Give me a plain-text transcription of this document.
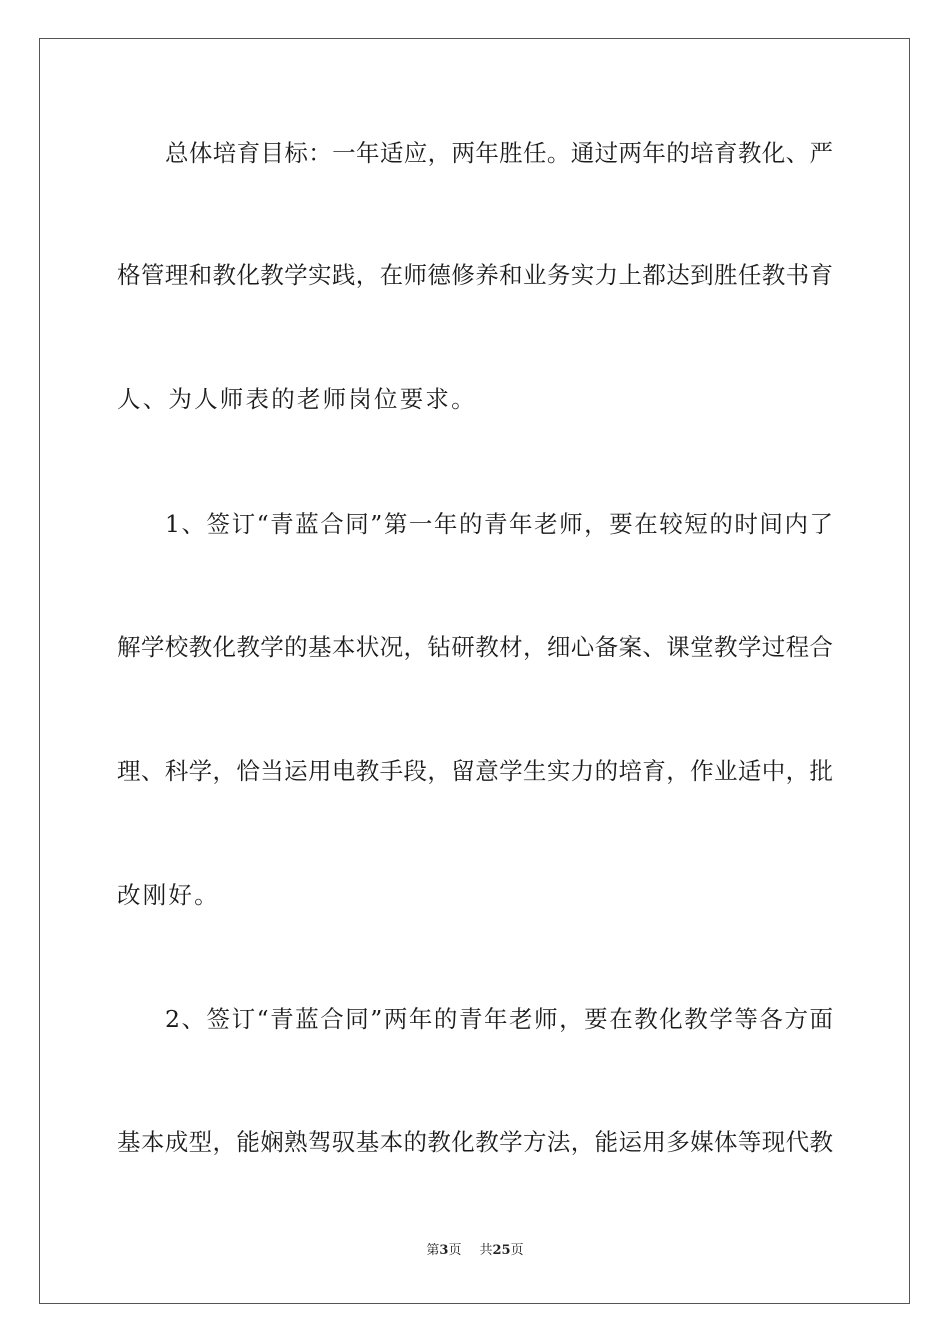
总体培育目标：一年适应，两年胜任。通过两年的培育教化、严
格管理和教化教学实践，在师德修养和业务实力上都达到胜任教书育
人、为人师表的老师岗位要求。
1、签订“青蓝合同”第一年的青年老师，要在较短的时间内了
解学校教化教学的基本状况，钻研教材，细心备案、课堂教学过程合
理、科学，恰当运用电教手段，留意学生实力的培育，作业适中，批
改刚好。
2、签订“青蓝合同”两年的青年老师，要在教化教学等各方面
基本成型，能娴熟驾驭基本的教化教学方法，能运用多媒体等现代教
第3页 共25页
